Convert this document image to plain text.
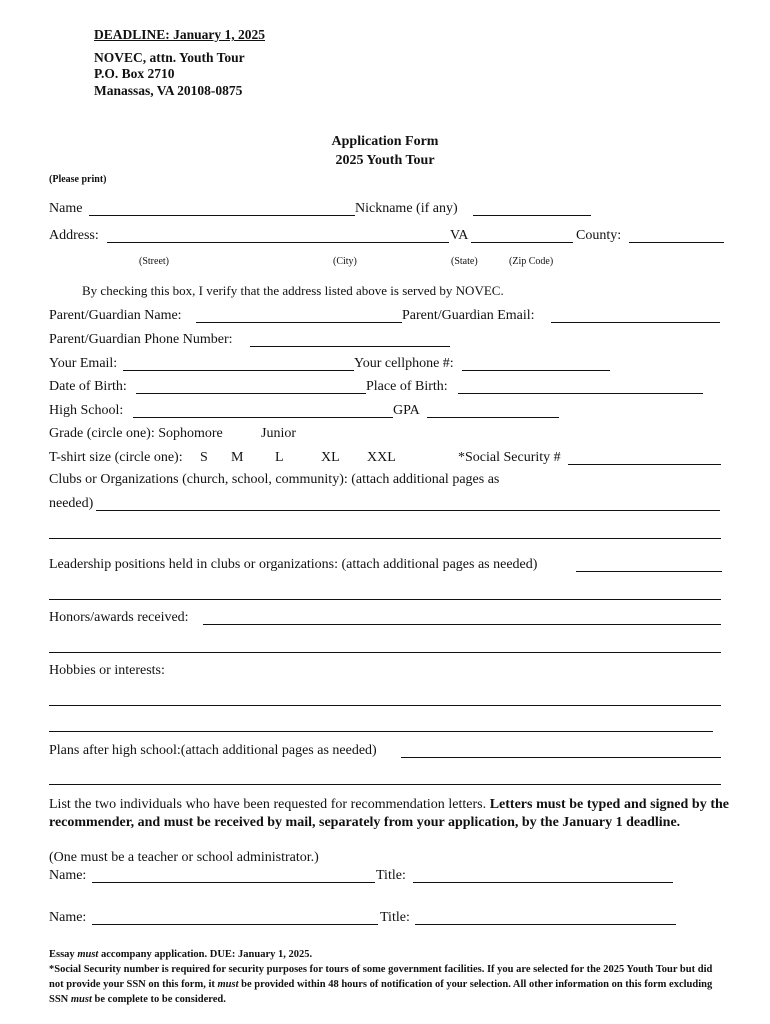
DEADLINE: January 1, 2025
NOVEC, attn. Youth Tour
P.O. Box 2710
Manassas, VA 20108-0875
Application Form
2025 Youth Tour
(Please print)
Name	Nickname (if any)
Address:	VA	County:
(Street)	(City)	(State)	(Zip Code)
By checking this box, I verify that the address listed above is served by NOVEC.
Parent/Guardian Name:	Parent/Guardian Email:
Parent/Guardian Phone Number:
Your Email:	Your cellphone #:
Date of Birth:	Place of Birth:
High School:	GPA
Grade (circle one): Sophomore	Junior
T-shirt size (circle one): S M L	XL XXL	*Social Security #
Clubs or Organizations (church, school, community): (attach additional pages as
needed)
Leadership positions held in clubs or organizations: (attach additional pages as needed)
Honors/awards received:
Hobbies or interests:
Plans after high school:(attach additional pages as needed)
List the two individuals who have been requested for recommendation letters. Letters must be typed and signed by the recommender, and must be received by mail, separately from your application, by the January 1 deadline.
(One must be a teacher or school administrator.)
Name:	Title:
Name:	Title:
Essay must accompany application. DUE: January 1, 2025.
*Social Security number is required for security purposes for tours of some government facilities. If you are selected for the 2025 Youth Tour but did not provide your SSN on this form, it must be provided within 48 hours of notification of your selection. All other information on this form excluding SSN must be complete to be considered.
